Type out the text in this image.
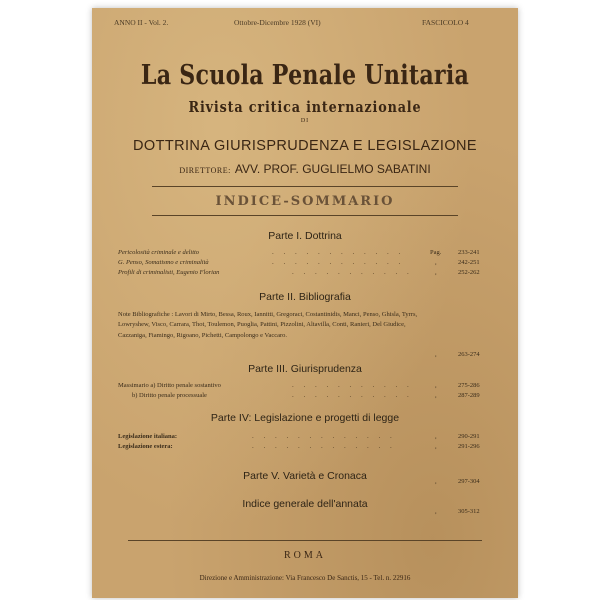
ANNO II - Vol. 2.	Ottobre-Dicembre 1928 (VI)	FASCICOLO 4
La Scuola Penale Unitaria
Rivista critica internazionale
DI
DOTTRINA GIURISPRUDENZA E LEGISLAZIONE
DIRETTORE: AVV. PROF. GUGLIELMO SABATINI
INDICE-SOMMARIO
Parte I. Dottrina
Pericolosità criminale e delitto	. . . . . . . . . . . .	Pag.	233-241
G. Penso, Somatismo e criminalità	. . . . . . . . . . . .	,	242-251
Profili di criminalisti, Eugenio Florian	. . . . . . . . . . .	,	252-262
Parte II. Bibliografia
Note Bibliografiche : Lavori di Mirto, Bessa, Roux, Iannitti, Gregoraci, Costantinidis, Manci, Penso, Ghisla, Tyrrs, Lowryshew, Visco, Carrara, Thot, Toulemon, Puoglia, Pattini, Pizzolini, Altavilla, Conti, Ranieri, Del Giudice, Cazzaniga, Fiamingo, Rigoano, Pichetti, Campolongo e Vaccaro.
,	263-274
Parte III. Giurisprudenza
Massimario a) Diritto penale sostantivo	. . . . . . . . . . .	,	275-286
b) Diritto penale processuale	. . . . . . . . . . .	,	287-289
Parte IV: Legislazione e progetti di legge
Legislazione italiana:	. . . . . . . . . . . . .	,	290-291
Legislazione estera:	. . . . . . . . . . . . .	,	291-296
Parte V. Varietà e Cronaca	,	297-304
Indice generale dell'annata
,	305-312
ROMA
Direzione e Amministrazione: Via Francesco De Sanctis, 15 - Tel. n. 22916
